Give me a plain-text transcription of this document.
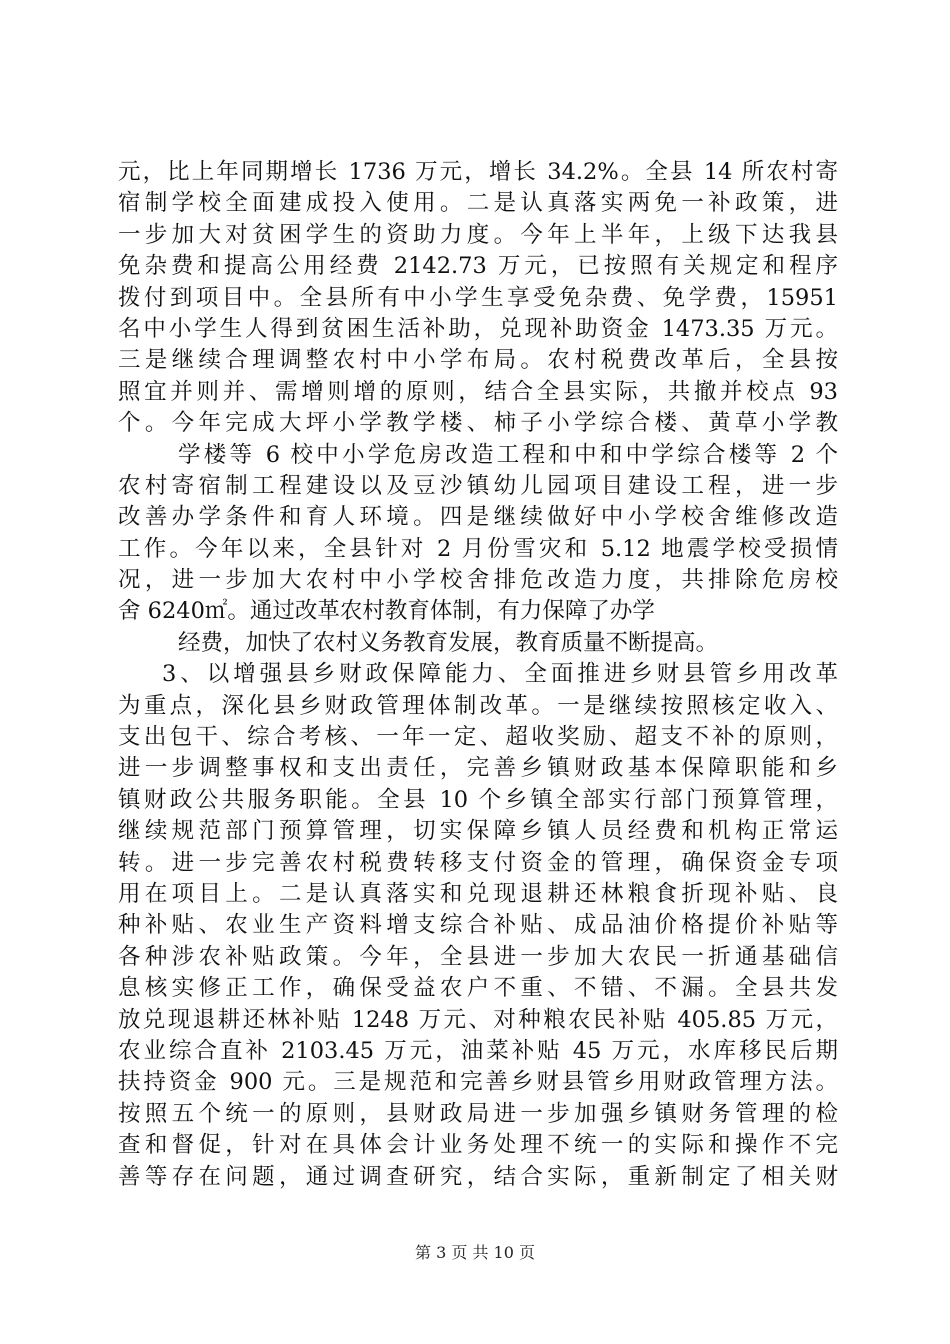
元，比上年同期增长 1736 万元，增长 34.2%。全县 14 所农村寄
宿制学校全面建成投入使用。二是认真落实两免一补政策，进
一步加大对贫困学生的资助力度。今年上半年，上级下达我县
免杂费和提高公用经费 2142.73 万元，已按照有关规定和程序
拨付到项目中。全县所有中小学生享受免杂费、免学费，15951
名中小学生人得到贫困生活补助，兑现补助资金 1473.35 万元。
三是继续合理调整农村中小学布局。农村税费改革后，全县按
照宜并则并、需增则增的原则，结合全县实际，共撤并校点 93
个。今年完成大坪小学教学楼、柿子小学综合楼、黄草小学教
学楼等 6 校中小学危房改造工程和中和中学综合楼等 2 个
农村寄宿制工程建设以及豆沙镇幼儿园项目建设工程，进一步
改善办学条件和育人环境。四是继续做好中小学校舍维修改造
工作。今年以来，全县针对 2 月份雪灾和 5.12 地震学校受损情
况，进一步加大农村中小学校舍排危改造力度，共排除危房校
舍 6240㎡。通过改革农村教育体制，有力保障了办学
经费，加快了农村义务教育发展，教育质量不断提高。
3、以增强县乡财政保障能力、全面推进乡财县管乡用改革
为重点，深化县乡财政管理体制改革。一是继续按照核定收入、
支出包干、综合考核、一年一定、超收奖励、超支不补的原则，
进一步调整事权和支出责任，完善乡镇财政基本保障职能和乡
镇财政公共服务职能。全县 10 个乡镇全部实行部门预算管理，
继续规范部门预算管理，切实保障乡镇人员经费和机构正常运
转。进一步完善农村税费转移支付资金的管理，确保资金专项
用在项目上。二是认真落实和兑现退耕还林粮食折现补贴、良
种补贴、农业生产资料增支综合补贴、成品油价格提价补贴等
各种涉农补贴政策。今年，全县进一步加大农民一折通基础信
息核实修正工作，确保受益农户不重、不错、不漏。全县共发
放兑现退耕还林补贴 1248 万元、对种粮农民补贴 405.85 万元，
农业综合直补 2103.45 万元，油菜补贴 45 万元，水库移民后期
扶持资金 900 元。三是规范和完善乡财县管乡用财政管理方法。
按照五个统一的原则，县财政局进一步加强乡镇财务管理的检
查和督促，针对在具体会计业务处理不统一的实际和操作不完
善等存在问题，通过调查研究，结合实际，重新制定了相关财
第 3 页 共 10 页
